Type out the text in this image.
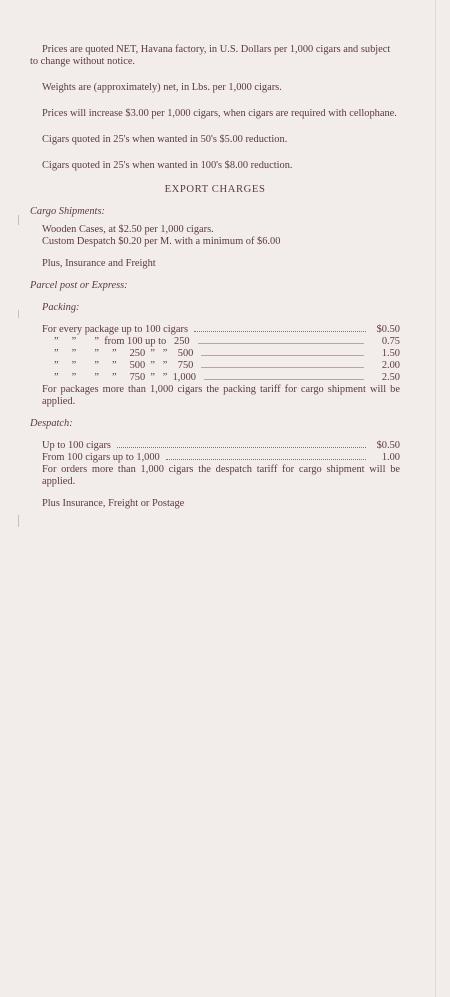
Prices are quoted NET, Havana factory, in U.S. Dollars per 1,000 cigars and subject to change without notice.

Weights are (approximately) net, in Lbs. per 1,000 cigars.

Prices will increase $3.00 per 1,000 cigars, when cigars are required with cellophane.

Cigars quoted in 25's when wanted in 50's $5.00 reduction.

Cigars quoted in 25's when wanted in 100's $8.00 reduction.

EXPORT CHARGES

Cargo Shipments:

Wooden Cases, at $2.50 per 1,000 cigars.

Custom Despatch $0.20 per M. with a minimum of $6.00

Plus, Insurance and Freight

Parcel post or Express:

Packing:

For every package up to 100 cigars	$0.50
”     ”       ”  from 100 up to   250	0.75
”     ”       ”     ”     250  ”   ”    500	1.50
”     ”       ”     ”     500  ”   ”    750	2.00
”     ”       ”     ”     750  ”   ”  1,000	2.50

For packages more than 1,000 cigars the packing tariff for cargo shipment will be applied.

Despatch:

Up to 100 cigars	$0.50
From 100 cigars up to 1,000	1.00

For orders more than 1,000 cigars the despatch tariff for cargo shipment will be applied.

Plus Insurance, Freight or Postage
